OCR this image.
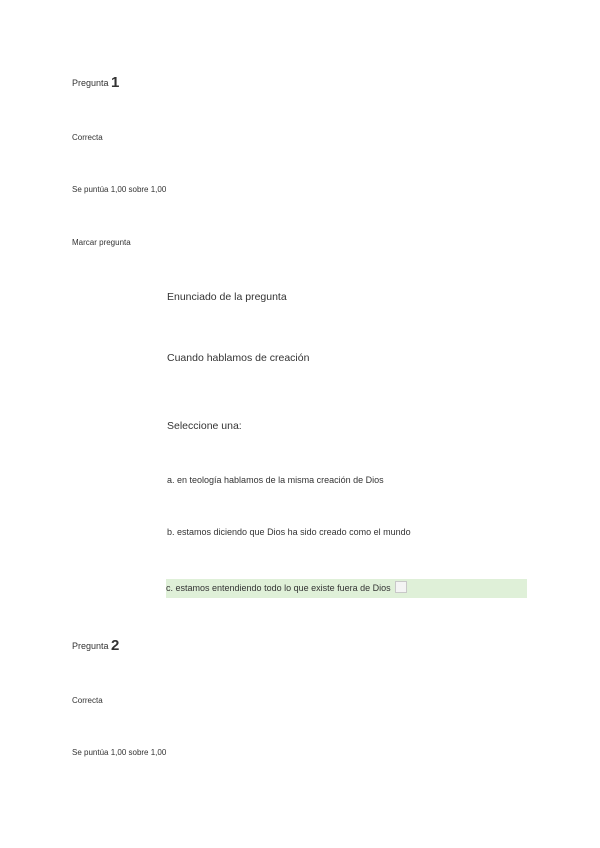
Pregunta 1
Correcta
Se puntúa 1,00 sobre 1,00
Marcar pregunta
Enunciado de la pregunta
Cuando hablamos de creación
Seleccione una:
a. en teología hablamos de la misma creación de Dios
b. estamos diciendo que Dios ha sido creado como el mundo
c. estamos entendiendo todo lo que existe fuera de Dios
Pregunta 2
Correcta
Se puntúa 1,00 sobre 1,00
